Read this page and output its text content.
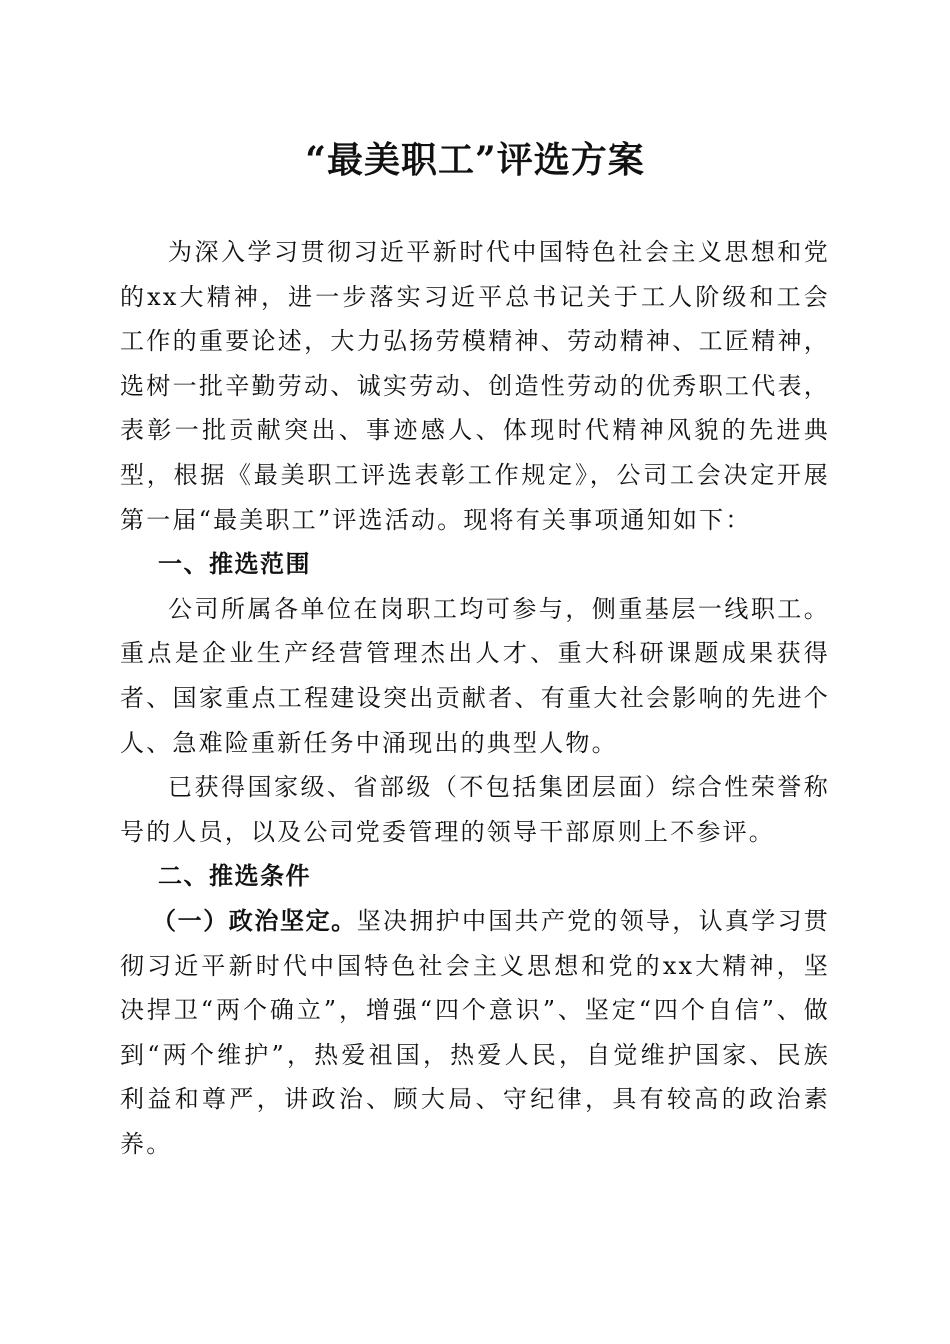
“最美职工”评选方案

为深入学习贯彻习近平新时代中国特色社会主义思想和党的xx大精神，进一步落实习近平总书记关于工人阶级和工会工作的重要论述，大力弘扬劳模精神、劳动精神、工匠精神，选树一批辛勤劳动、诚实劳动、创造性劳动的优秀职工代表，表彰一批贡献突出、事迹感人、体现时代精神风貌的先进典型，根据《最美职工评选表彰工作规定》，公司工会决定开展第一届“最美职工”评选活动。现将有关事项通知如下：

一、推选范围

公司所属各单位在岗职工均可参与，侧重基层一线职工。重点是企业生产经营管理杰出人才、重大科研课题成果获得者、国家重点工程建设突出贡献者、有重大社会影响的先进个人、急难险重新任务中涌现出的典型人物。

已获得国家级、省部级（不包括集团层面）综合性荣誉称号的人员，以及公司党委管理的领导干部原则上不参评。

二、推选条件

（一）政治坚定。坚决拥护中国共产党的领导，认真学习贯彻习近平新时代中国特色社会主义思想和党的xx大精神，坚决捍卫“两个确立”，增强“四个意识”、坚定“四个自信”、做到“两个维护”，热爱祖国，热爱人民，自觉维护国家、民族利益和尊严，讲政治、顾大局、守纪律，具有较高的政治素养。
